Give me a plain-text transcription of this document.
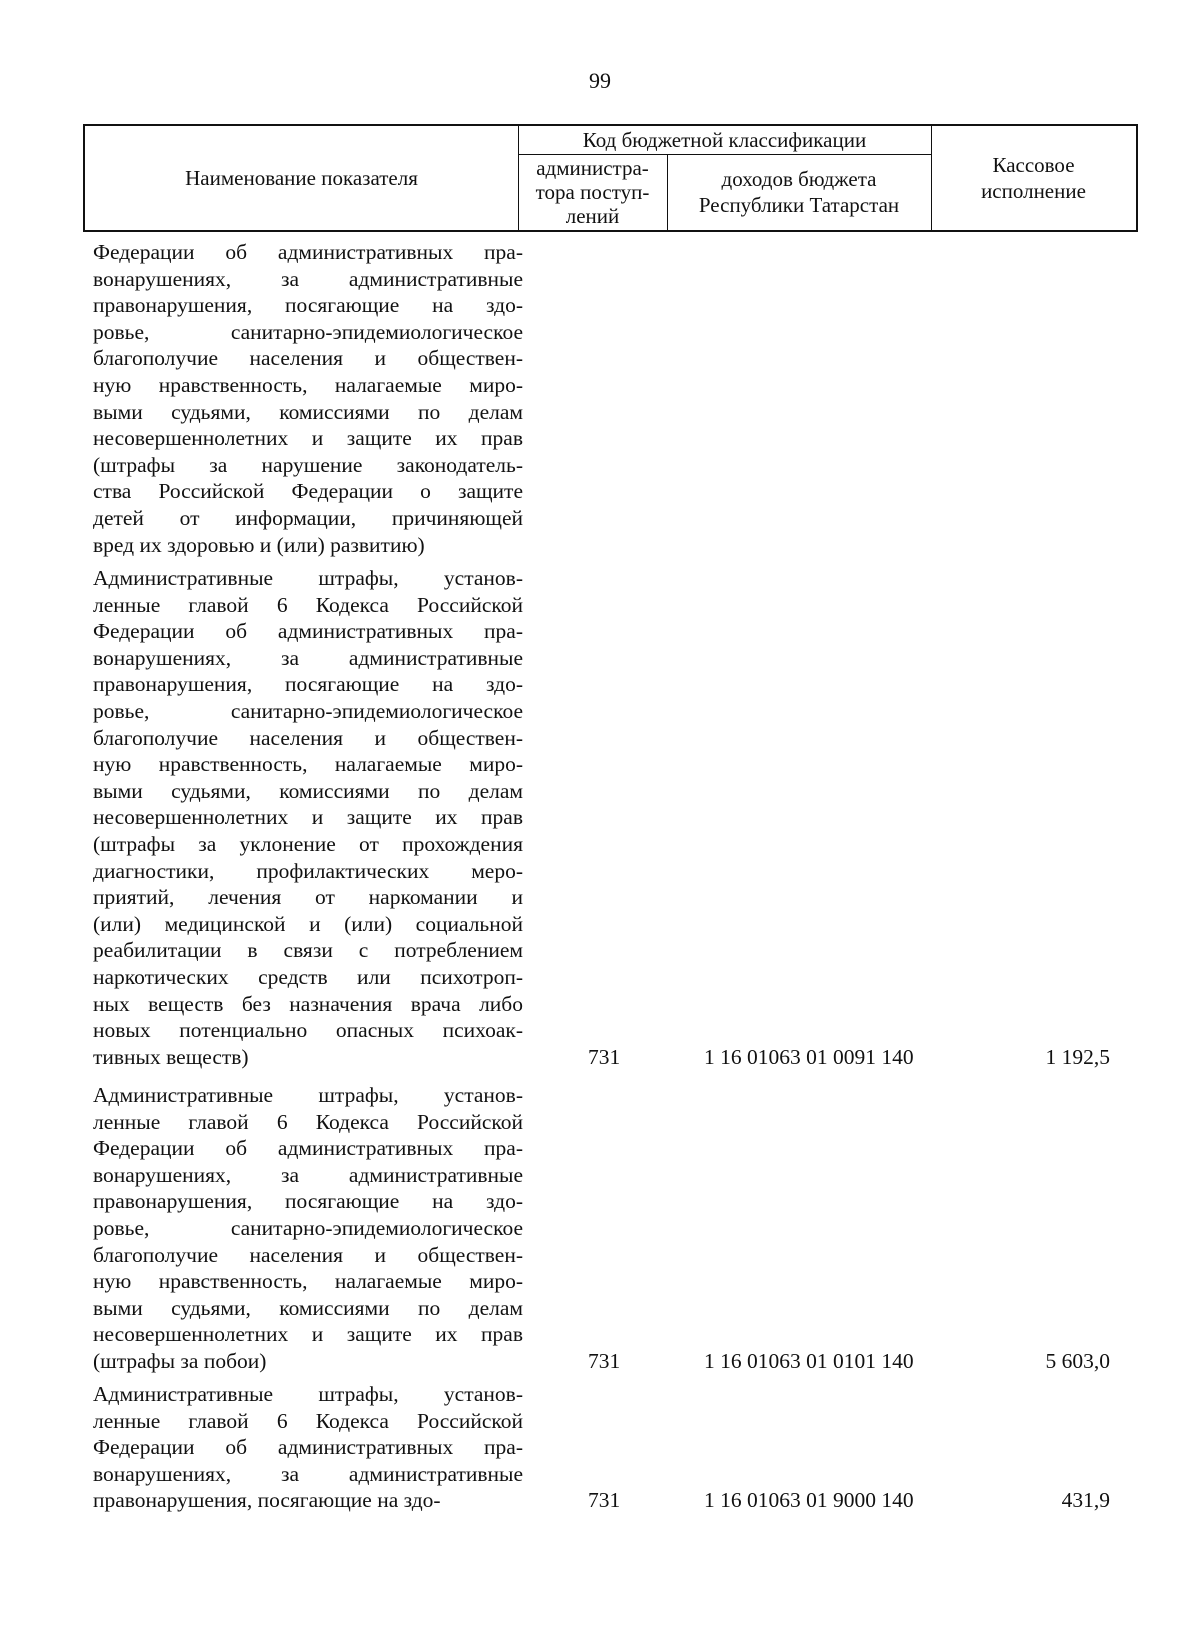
99
Наименование показателя
Код бюджетной классификации
администра-
тора поступ-
лений
доходов бюджета
Республики Татарстан
Кассовое
исполнение
Федерации об административных пра-
вонарушениях, за административные
правонарушения, посягающие на здо-
ровье, санитарно-эпидемиологическое
благополучие населения и обществен-
ную нравственность, налагаемые миро-
выми судьями, комиссиями по делам
несовершеннолетних и защите их прав
(штрафы за нарушение законодатель-
ства Российской Федерации о защите
детей от информации, причиняющей
вред их здоровью и (или) развитию)
Административные штрафы, установ-
ленные главой 6 Кодекса Российской
Федерации об административных пра-
вонарушениях, за административные
правонарушения, посягающие на здо-
ровье, санитарно-эпидемиологическое
благополучие населения и обществен-
ную нравственность, налагаемые миро-
выми судьями, комиссиями по делам
несовершеннолетних и защите их прав
(штрафы за уклонение от прохождения
диагностики, профилактических меро-
приятий, лечения от наркомании и
(или) медицинской и (или) социальной
реабилитации в связи с потреблением
наркотических средств или психотроп-
ных веществ без назначения врача либо
новых потенциально опасных психоак-
тивных веществ)	731	1 16 01063 01 0091 140	1 192,5
Административные штрафы, установ-
ленные главой 6 Кодекса Российской
Федерации об административных пра-
вонарушениях, за административные
правонарушения, посягающие на здо-
ровье, санитарно-эпидемиологическое
благополучие населения и обществен-
ную нравственность, налагаемые миро-
выми судьями, комиссиями по делам
несовершеннолетних и защите их прав
(штрафы за побои)	731	1 16 01063 01 0101 140	5 603,0
Административные штрафы, установ-
ленные главой 6 Кодекса Российской
Федерации об административных пра-
вонарушениях, за административные
правонарушения, посягающие на здо-	731	1 16 01063 01 9000 140	431,9
